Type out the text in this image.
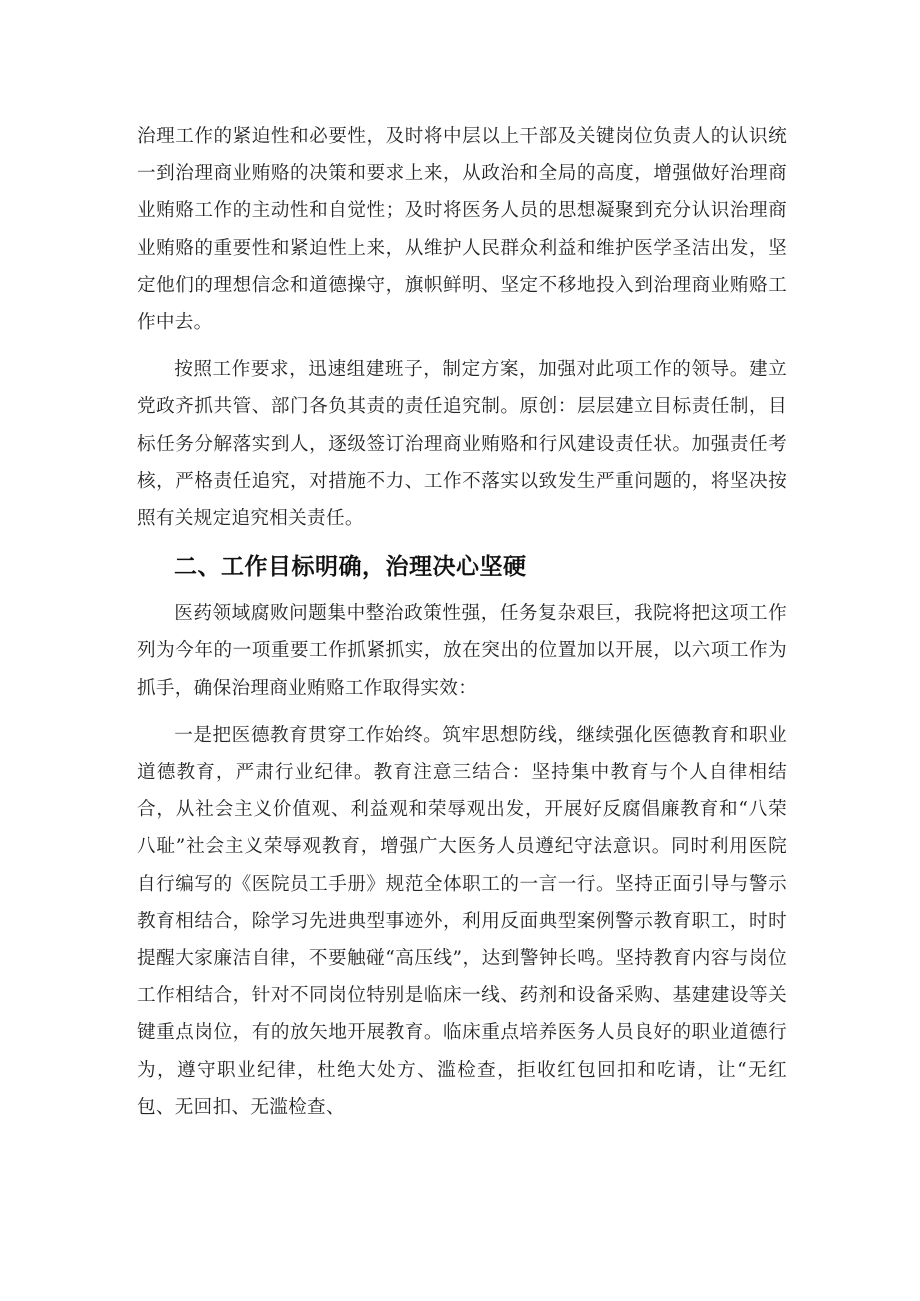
治理工作的紧迫性和必要性，及时将中层以上干部及关键岗位负责人的认识统一到治理商业贿赂的决策和要求上来，从政治和全局的高度，增强做好治理商业贿赂工作的主动性和自觉性；及时将医务人员的思想凝聚到充分认识治理商业贿赂的重要性和紧迫性上来，从维护人民群众利益和维护医学圣洁出发，坚定他们的理想信念和道德操守，旗帜鲜明、坚定不移地投入到治理商业贿赂工作中去。

按照工作要求，迅速组建班子，制定方案，加强对此项工作的领导。建立党政齐抓共管、部门各负其责的责任追究制。原创：层层建立目标责任制，目标任务分解落实到人，逐级签订治理商业贿赂和行风建设责任状。加强责任考核，严格责任追究，对措施不力、工作不落实以致发生严重问题的，将坚决按照有关规定追究相关责任。

二、工作目标明确，治理决心坚硬

医药领域腐败问题集中整治政策性强，任务复杂艰巨，我院将把这项工作列为今年的一项重要工作抓紧抓实，放在突出的位置加以开展，以六项工作为抓手，确保治理商业贿赂工作取得实效：

一是把医德教育贯穿工作始终。筑牢思想防线，继续强化医德教育和职业道德教育，严肃行业纪律。教育注意三结合：坚持集中教育与个人自律相结合，从社会主义价值观、利益观和荣辱观出发，开展好反腐倡廉教育和“八荣八耻”社会主义荣辱观教育，增强广大医务人员遵纪守法意识。同时利用医院自行编写的《医院员工手册》规范全体职工的一言一行。坚持正面引导与警示教育相结合，除学习先进典型事迹外，利用反面典型案例警示教育职工，时时提醒大家廉洁自律，不要触碰“高压线”，达到警钟长鸣。坚持教育内容与岗位工作相结合，针对不同岗位特别是临床一线、药剂和设备采购、基建建设等关键重点岗位，有的放矢地开展教育。临床重点培养医务人员良好的职业道德行为，遵守职业纪律，杜绝大处方、滥检查，拒收红包回扣和吃请，让“无红包、无回扣、无滥检查、
